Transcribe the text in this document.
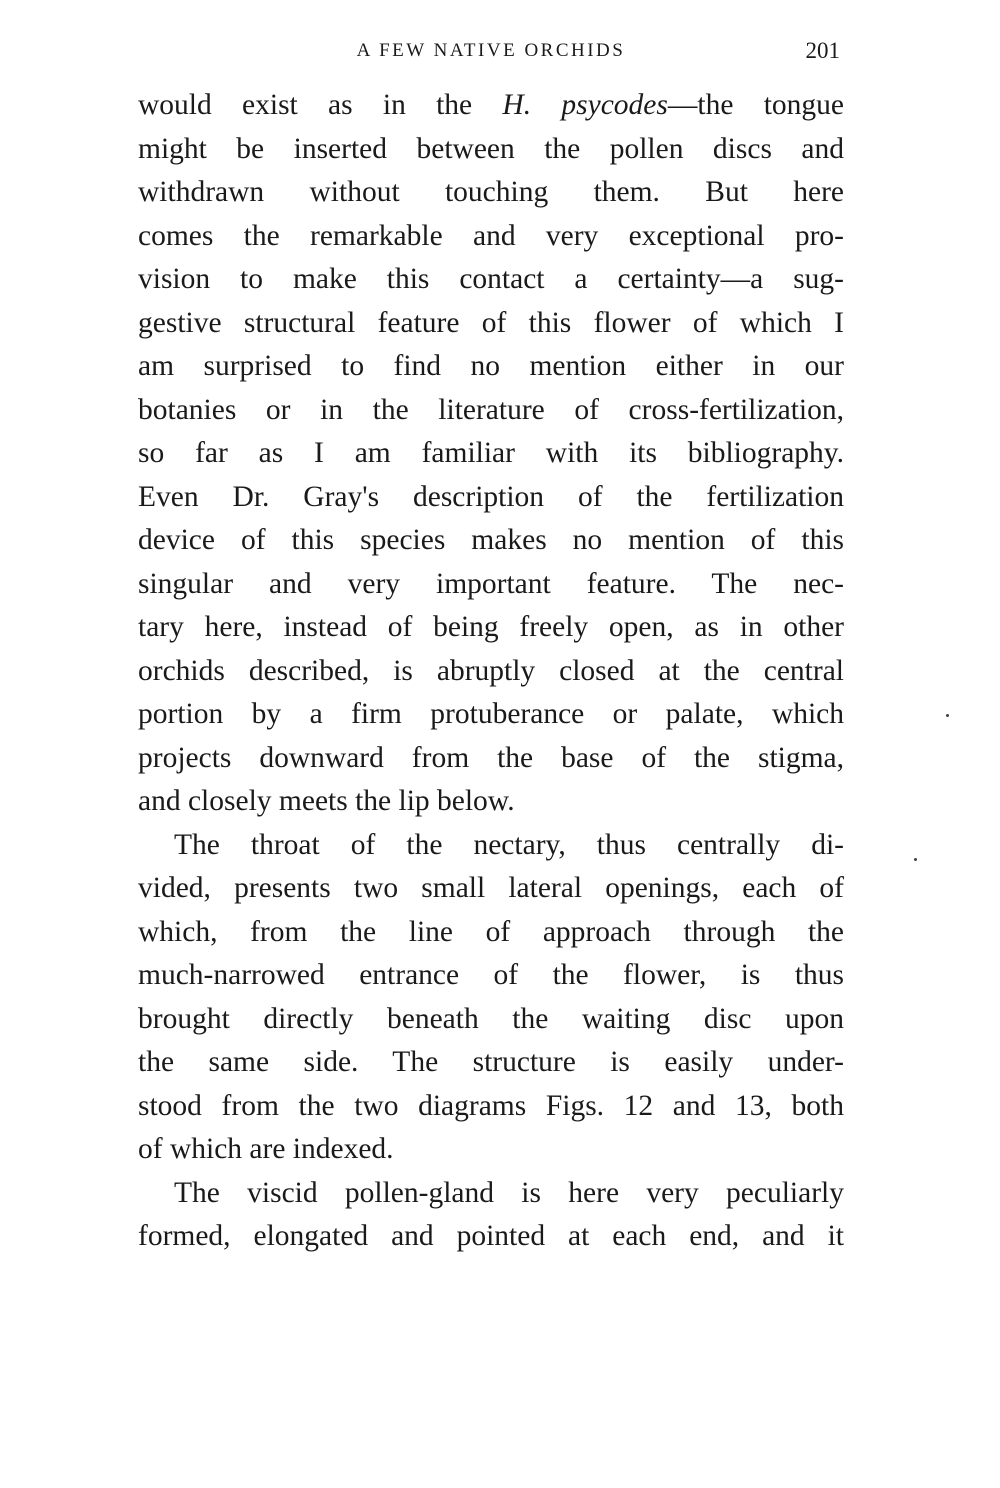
A FEW NATIVE ORCHIDS	201
would exist as in the H. psycodes—the tongue
might be inserted between the pollen discs and
withdrawn without touching them. But here
comes the remarkable and very exceptional pro-
vision to make this contact a certainty—a sug-
gestive structural feature of this flower of which I
am surprised to find no mention either in our
botanies or in the literature of cross-fertilization,
so far as I am familiar with its bibliography.
Even Dr. Gray's description of the fertilization
device of this species makes no mention of this
singular and very important feature. The nec-
tary here, instead of being freely open, as in other
orchids described, is abruptly closed at the central
portion by a firm protuberance or palate, which
projects downward from the base of the stigma,
and closely meets the lip below.
The throat of the nectary, thus centrally di-
vided, presents two small lateral openings, each of
which, from the line of approach through the
much-narrowed entrance of the flower, is thus
brought directly beneath the waiting disc upon
the same side. The structure is easily under-
stood from the two diagrams Figs. 12 and 13, both
of which are indexed.
The viscid pollen-gland is here very peculiarly
formed, elongated and pointed at each end, and it
